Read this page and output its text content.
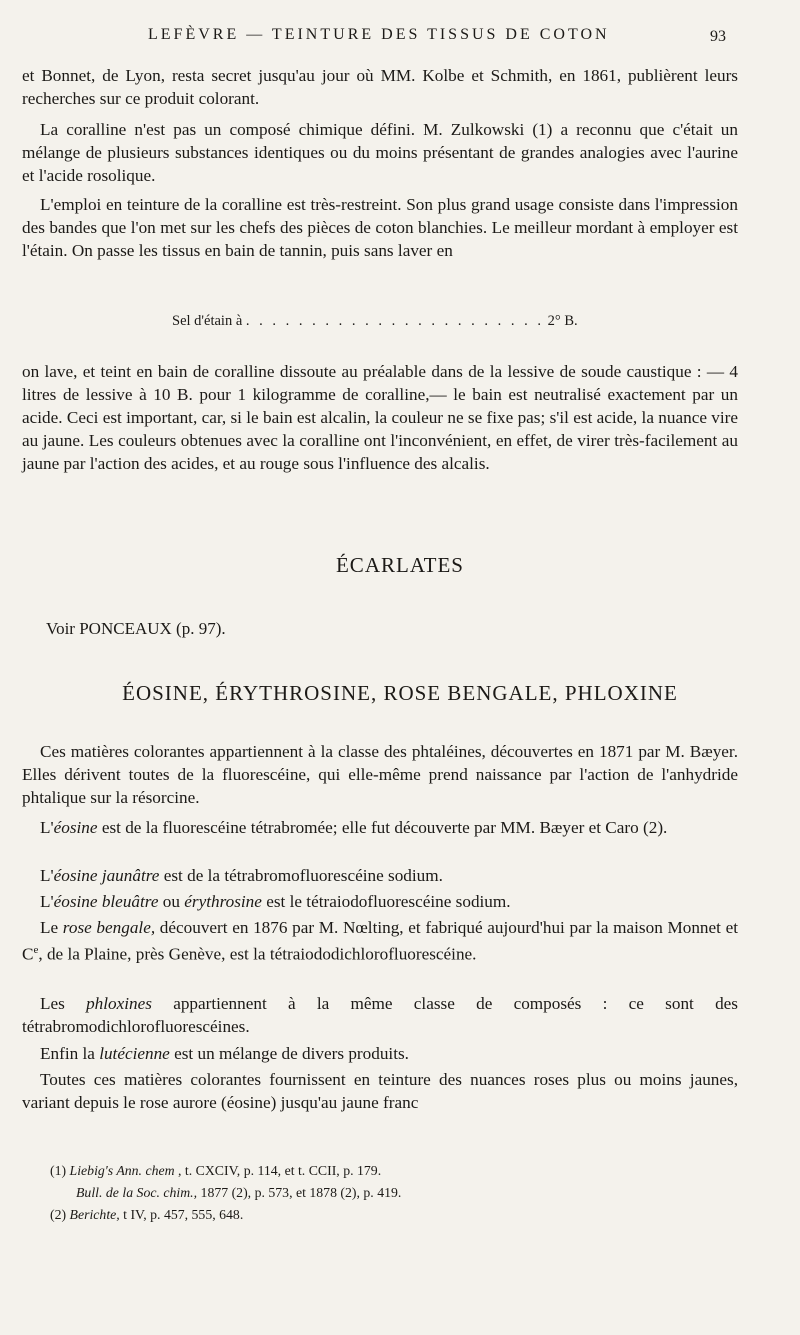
LEFÈVRE — TEINTURE DES TISSUS DE COTON	93

et Bonnet, de Lyon, resta secret jusqu'au jour où MM. Kolbe et Schmith, en 1861, publièrent leurs recherches sur ce produit colorant.

La coralline n'est pas un composé chimique défini. M. Zulkowski (1) a reconnu que c'était un mélange de plusieurs substances identiques ou du moins présentant de grandes analogies avec l'aurine et l'acide rosolique.

L'emploi en teinture de la coralline est très-restreint. Son plus grand usage consiste dans l'impression des bandes que l'on met sur les chefs des pièces de coton blanchies. Le meilleur mordant à employer est l'étain. On passe les tissus en bain de tannin, puis sans laver en

Sel d'étain à . . . . . . . . . . . . . . . . . . . . . . . 2° B.

on lave, et teint en bain de coralline dissoute au préalable dans de la lessive de soude caustique : — 4 litres de lessive à 10 B. pour 1 kilogramme de coralline,— le bain est neutralisé exactement par un acide. Ceci est important, car, si le bain est alcalin, la couleur ne se fixe pas; s'il est acide, la nuance vire au jaune. Les couleurs obtenues avec la coralline ont l'inconvénient, en effet, de virer très-facilement au jaune par l'action des acides, et au rouge sous l'influence des alcalis.

ÉCARLATES
Voir PONCEAUX (p. 97).
ÉOSINE, ÉRYTHROSINE, ROSE BENGALE, PHLOXINE

Ces matières colorantes appartiennent à la classe des phtaléines, découvertes en 1871 par M. Bæyer. Elles dérivent toutes de la fluorescéine, qui elle-même prend naissance par l'action de l'anhydride phtalique sur la résorcine.

L'éosine est de la fluorescéine tétrabromée; elle fut découverte par MM. Bæyer et Caro (2).

L'éosine jaunâtre est de la tétrabromofluorescéine sodium.

L'éosine bleuâtre ou érythrosine est le tétraiodofluorescéine sodium.

Le rose bengale, découvert en 1876 par M. Nœlting, et fabriqué aujourd'hui par la maison Monnet et Ce, de la Plaine, près Genève, est la tétraiododichlorofluorescéine.

Les phloxines appartiennent à la même classe de composés : ce sont des tétrabromodichlorofluorescéines.

Enfin la lutécienne est un mélange de divers produits.

Toutes ces matières colorantes fournissent en teinture des nuances roses plus ou moins jaunes, variant depuis le rose aurore (éosine) jusqu'au jaune franc

(1) Liebig's Ann. chem , t. CXCIV, p. 114, et t. CCII, p. 179.
Bull. de la Soc. chim., 1877 (2), p. 573, et 1878 (2), p. 419.
(2) Berichte, t IV, p. 457, 555, 648.
